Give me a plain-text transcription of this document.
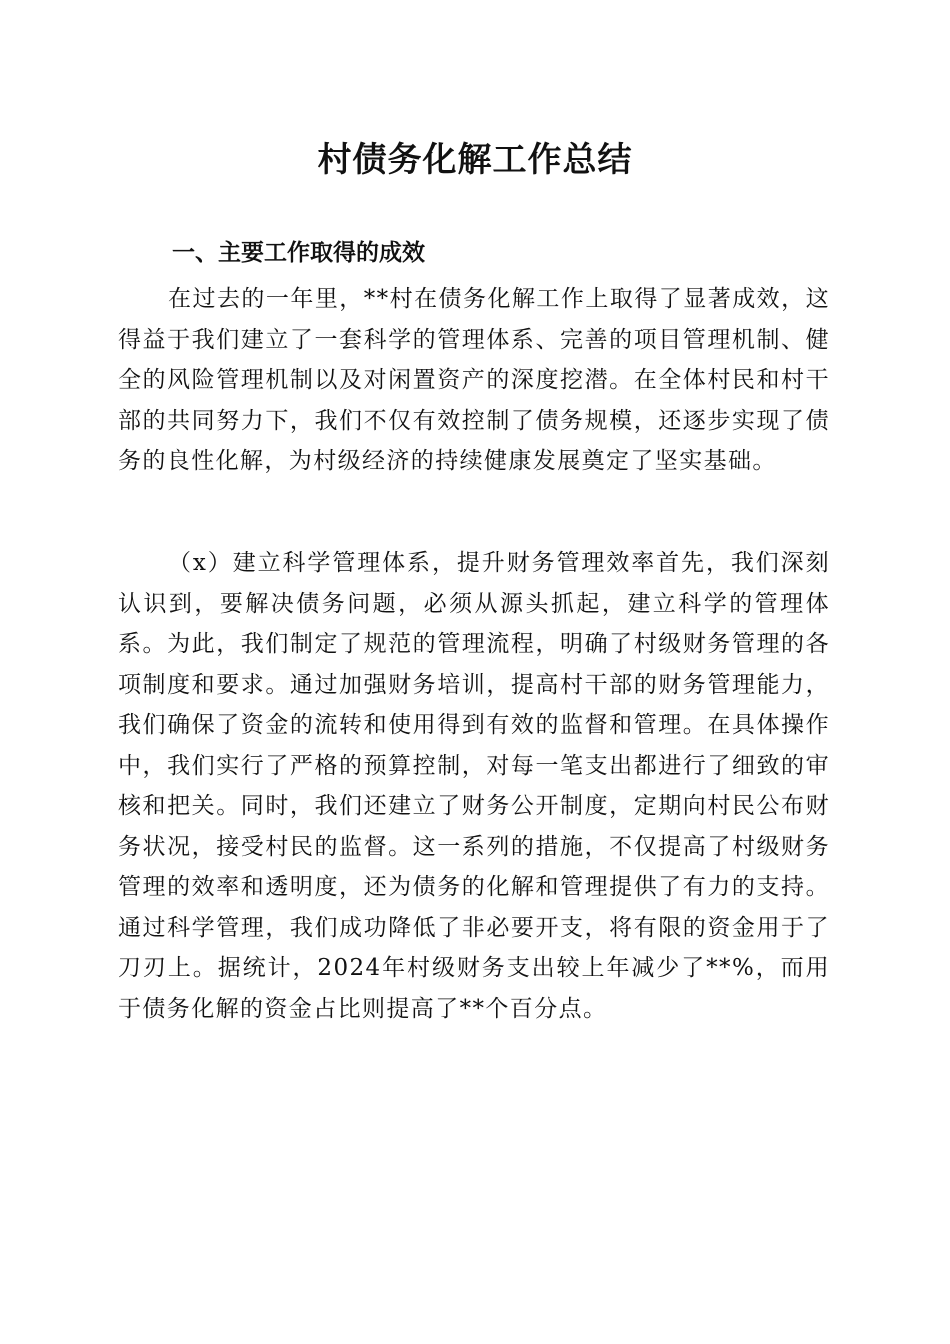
村债务化解工作总结
一、主要工作取得的成效

在过去的一年里，**村在债务化解工作上取得了显著成效，这得益于我们建立了一套科学的管理体系、完善的项目管理机制、健全的风险管理机制以及对闲置资产的深度挖潜。在全体村民和村干部的共同努力下，我们不仅有效控制了债务规模，还逐步实现了债务的良性化解，为村级经济的持续健康发展奠定了坚实基础。

（x）建立科学管理体系，提升财务管理效率首先，我们深刻认识到，要解决债务问题，必须从源头抓起，建立科学的管理体系。为此，我们制定了规范的管理流程，明确了村级财务管理的各项制度和要求。通过加强财务培训，提高村干部的财务管理能力，我们确保了资金的流转和使用得到有效的监督和管理。在具体操作中，我们实行了严格的预算控制，对每一笔支出都进行了细致的审核和把关。同时，我们还建立了财务公开制度，定期向村民公布财务状况，接受村民的监督。这一系列的措施，不仅提高了村级财务管理的效率和透明度，还为债务的化解和管理提供了有力的支持。通过科学管理，我们成功降低了非必要开支，将有限的资金用于了刀刃上。据统计，2024年村级财务支出较上年减少了**%，而用于债务化解的资金占比则提高了**个百分点。
